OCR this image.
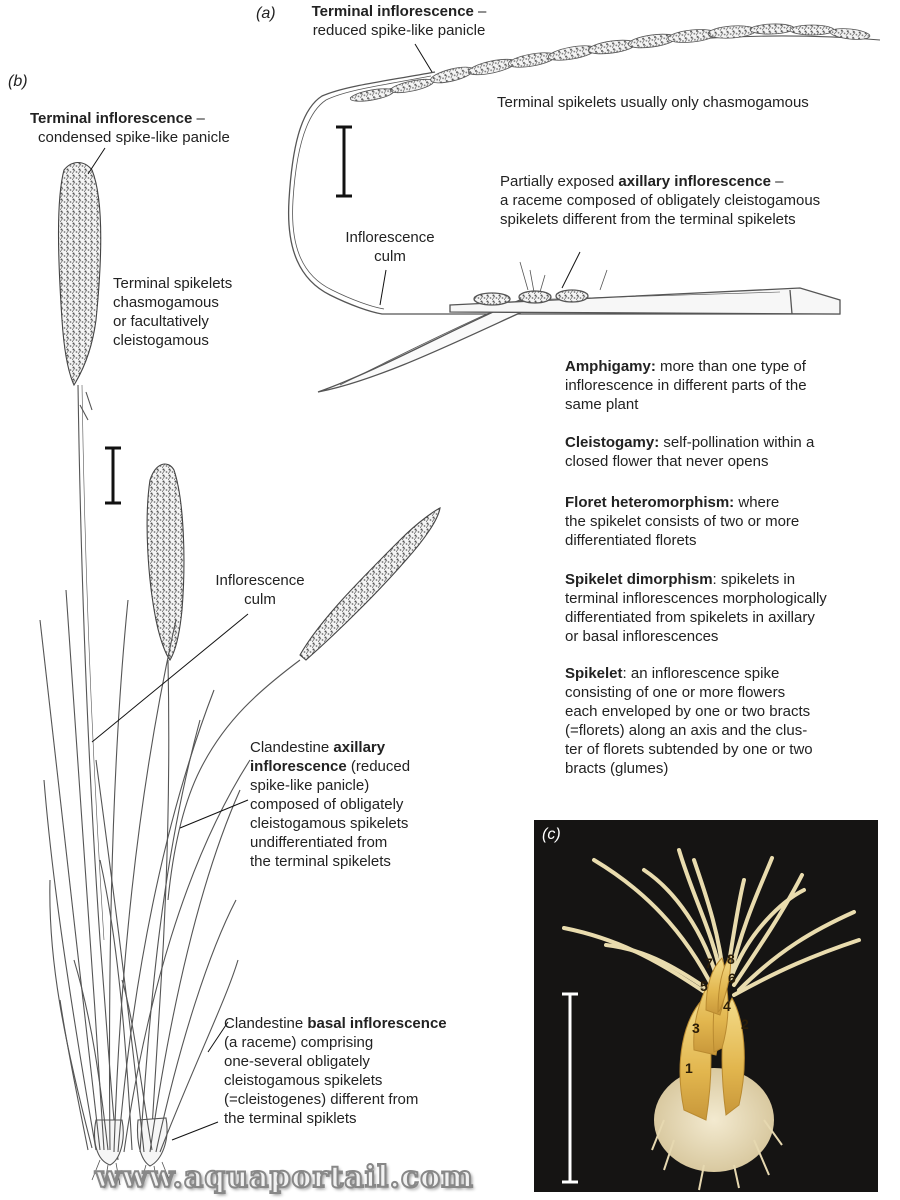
(a)	Terminal inflorescence –
reduced spike-like panicle
Terminal spikelets usually only chasmogamous
Partially exposed axillary inflorescence –
a raceme composed of obligately cleistogamous
spikelets different from the terminal spikelets
Inflorescence
culm
(b)
Terminal inflorescence –
condensed spike-like panicle
Terminal spikelets
chasmogamous
or facultatively
cleistogamous
Inflorescence
culm
Clandestine axillary
inflorescence (reduced
spike-like panicle)
composed of obligately
cleistogamous spikelets
undifferentiated from
the terminal spikelets
Clandestine basal inflorescence
(a raceme) comprising
one-several obligately
cleistogamous spikelets
(=cleistogenes) different from
the terminal spiklets
Amphigamy: more than one type of
inflorescence in different parts of the
same plant
Cleistogamy: self-pollination within a
closed flower that never opens
Floret heteromorphism: where
the spikelet consists of two or more
differentiated florets
Spikelet dimorphism: spikelets in
terminal inflorescences morphologically
differentiated from spikelets in axillary
or basal inflorescences
Spikelet: an inflorescence spike
consisting of one or more flowers
each enveloped by one or two bracts
(=florets) along an axis and the clus-
ter of florets subtended by one or two
bracts (glumes)
(c)
1
2
3
4
5 6
7 8
www.aquaportail.com
